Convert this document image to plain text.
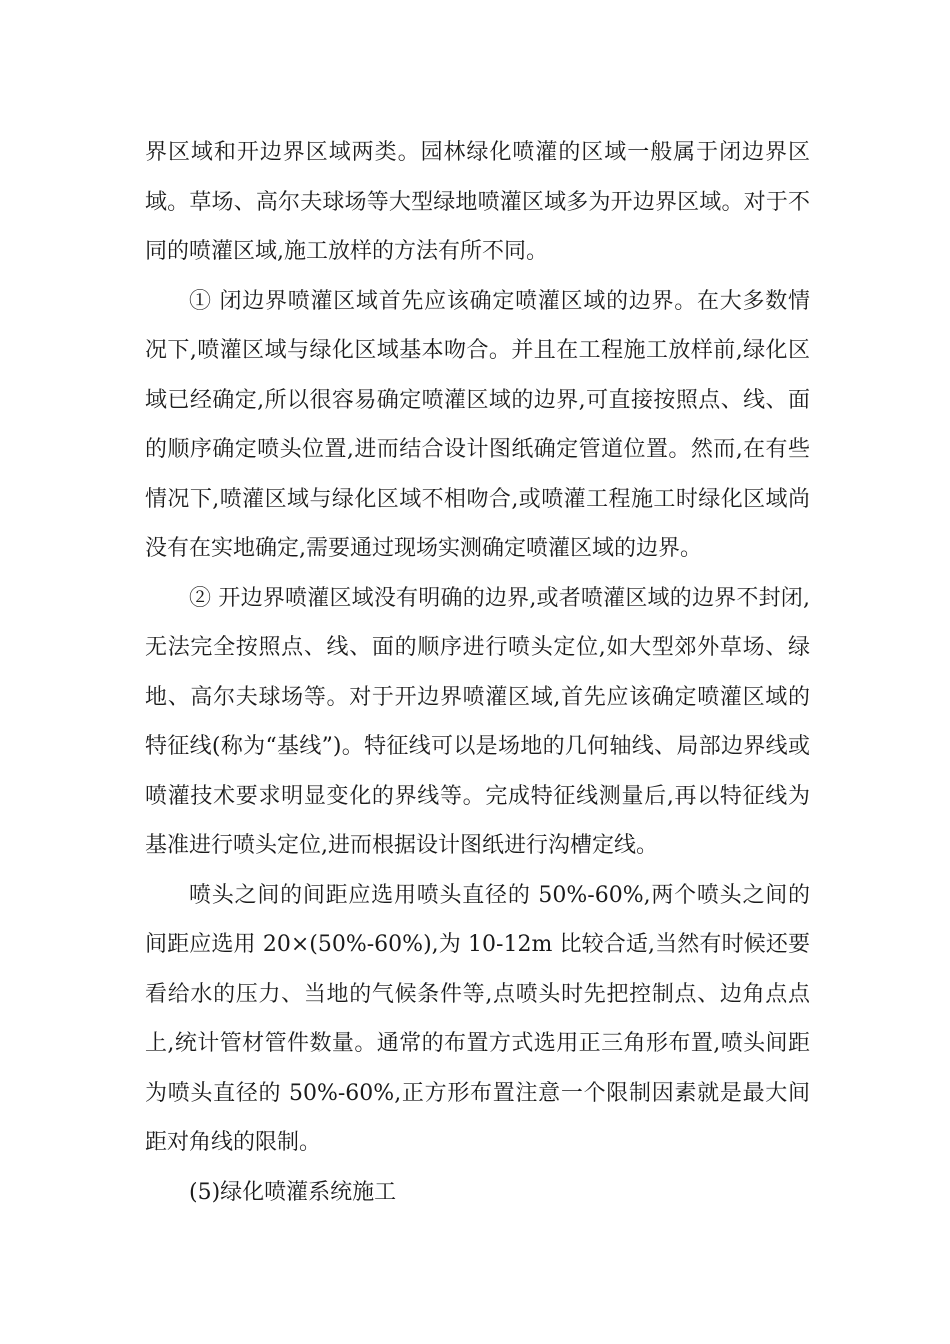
界区域和开边界区域两类。园林绿化喷灌的区域一般属于闭边界区域。草场、高尔夫球场等大型绿地喷灌区域多为开边界区域。对于不同的喷灌区域,施工放样的方法有所不同。

① 闭边界喷灌区域首先应该确定喷灌区域的边界。在大多数情况下,喷灌区域与绿化区域基本吻合。并且在工程施工放样前,绿化区域已经确定,所以很容易确定喷灌区域的边界,可直接按照点、线、面的顺序确定喷头位置,进而结合设计图纸确定管道位置。然而,在有些情况下,喷灌区域与绿化区域不相吻合,或喷灌工程施工时绿化区域尚没有在实地确定,需要通过现场实测确定喷灌区域的边界。

② 开边界喷灌区域没有明确的边界,或者喷灌区域的边界不封闭,无法完全按照点、线、面的顺序进行喷头定位,如大型郊外草场、绿地、高尔夫球场等。对于开边界喷灌区域,首先应该确定喷灌区域的特征线(称为“基线”)。特征线可以是场地的几何轴线、局部边界线或喷灌技术要求明显变化的界线等。完成特征线测量后,再以特征线为基准进行喷头定位,进而根据设计图纸进行沟槽定线。

喷头之间的间距应选用喷头直径的 50%-60%,两个喷头之间的间距应选用 20×(50%-60%),为 10-12m 比较合适,当然有时候还要看给水的压力、当地的气候条件等,点喷头时先把控制点、边角点点上,统计管材管件数量。通常的布置方式选用正三角形布置,喷头间距为喷头直径的 50%-60%,正方形布置注意一个限制因素就是最大间距对角线的限制。

(5)绿化喷灌系统施工
